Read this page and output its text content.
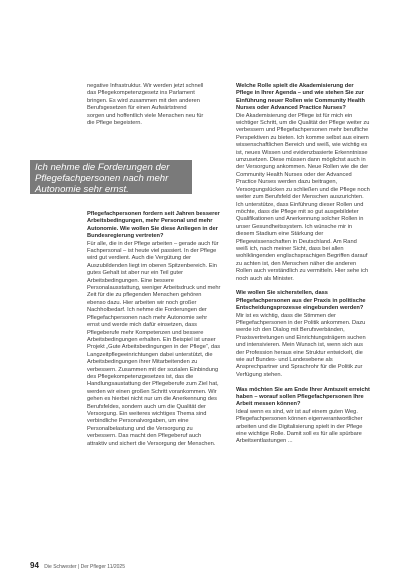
negative Infrastruktur. Wir werden jetzt schnell

das Pflegekompetenzgesetz ins Parlament

bringen. Es wird zusammen mit den anderen

Berufsgesetzen für einen Aufwärtstrend

sorgen und hoffentlich viele Menschen neu für

die Pflege begeistern.

Ich nehme die Forderungen der Pflegefachpersonen nach mehr Autonomie sehr ernst.

Pflegefachpersonen fordern seit Jahren besserer Arbeitsbedingungen, mehr Personal und mehr Autonomie. Wie wollen Sie diese Anliegen in der Bundesregierung vertreten?

Für alle, die in der Pflege arbeiten – gerade auch für Fachpersonal – ist heute viel passiert. In der Pflege wird gut verdient. Auch die Vergütung der Auszubildenden liegt im oberen Spitzenbereich. Ein gutes Gehalt ist aber nur ein Teil guter Arbeitsbedingungen. Eine bessere Personalausstattung, weniger Arbeitsdruck und mehr Zeit für die zu pflegenden Menschen gehören ebenso dazu. Hier arbeiten wir noch großer Nachholbedarf. Ich nehme die Forderungen der Pflegefachpersonen nach mehr Autonomie sehr ernst und werde mich dafür einsetzen, dass Pflegeberufe mehr Kompetenzen und bessere Arbeitsbedingungen erhalten. Ein Beispiel ist unser Projekt „Gute Arbeitsbedingungen in der Pflege“, das Langzeitpflegeeinrichtungen dabei unterstützt, die Arbeitsbedingungen ihrer Mitarbeitenden zu verbessern. Zusammen mit der sozialen Einbindung des Pflegekompetenzgesetzes ist, das die Handlungsaustattung der Pflegeberufe zum Ziel hat, werden wir einen großen Schritt vorankommen. Wir gehen es hierbei nicht nur um die Anerkennung des Berufsfeldes, sondern auch um die Qualität der Versorgung. Ein weiteres wichtiges Thema sind verbindliche Personalvorgaben, um eine Personalbelastung und die Versorgung zu verbessern. Das macht den Pflegeberuf auch attraktiv und sichert die Versorgung der Menschen.

Welche Rolle spielt die Akademisierung der Pflege in Ihrer Agenda – und wie stehen Sie zur Einführung neuer Rollen wie Community Health Nurses oder Advanced Practice Nurses?

Die Akademisierung der Pflege ist für mich ein wichtiger Schritt, um die Qualität der Pflege weiter zu verbessern und Pflegefachpersonen mehr berufliche Perspektiven zu bieten. Ich komme selbst aus einem wissenschaftlichen Bereich und weiß, wie wichtig es ist, neues Wissen und evidenzbasierte Erkenntnisse umzusetzen. Diese müssen dann möglichst auch in der Versorgung ankommen. Neue Rollen wie die der Community Health Nurses oder der Advanced Practice Nurses werden dazu beitragen, Versorgungslücken zu schließen und die Pflege noch weiter zum Berufsfeld der Menschen auszurichten. Ich unterstütze, dass Einführung dieser Rollen und möchte, dass die Pflege mit so gut ausgebildeter Qualifikationen und Anerkennung solcher Rollen in unser Gesundheitssystem. Ich wünsche mir in diesem Stadium eine Stärkung der Pflegewissenschaften in Deutschland. Am Rand weiß ich, nach meiner Sicht, dass bei allen wohlklingenden englischsprachigen Begriffen darauf zu achten ist, den Menschen näher die anderen Rollen auch verständlich zu vermitteln. Hier sehe ich noch auch als Minister.

Wie wollen Sie sicherstellen, dass Pflegefachpersonen aus der Praxis in politische Entscheidungsprozesse eingebunden werden?

Mir ist es wichtig, dass die Stimmen der Pflegefachpersonen in der Politik ankommen. Dazu werde ich den Dialog mit Berufsverbänden, Praxisvertretungen und Einrichtungsträgern suchen und intensivieren. Mein Wunsch ist, wenn sich aus der Profession heraus eine Struktur entwickelt, die wie auf Bundes- und Landesebene als Ansprechpartner und Sprachrohr für die Politik zur Verfügung stehen.

Was möchten Sie am Ende Ihrer Amtszeit erreicht haben – worauf sollen Pflegefachpersonen Ihre Arbeit messen können?

Ideal wenn es sind, wir ist auf einem guten Weg. Pflegefachpersonen können eigenverantwortlicher arbeiten und die Digitalisierung spielt in der Pflege eine wichtige Rolle. Damit soll es für alle spürbare Arbeitsentlastungen ...

94 Die Schwester | Der Pfleger 11/2025
